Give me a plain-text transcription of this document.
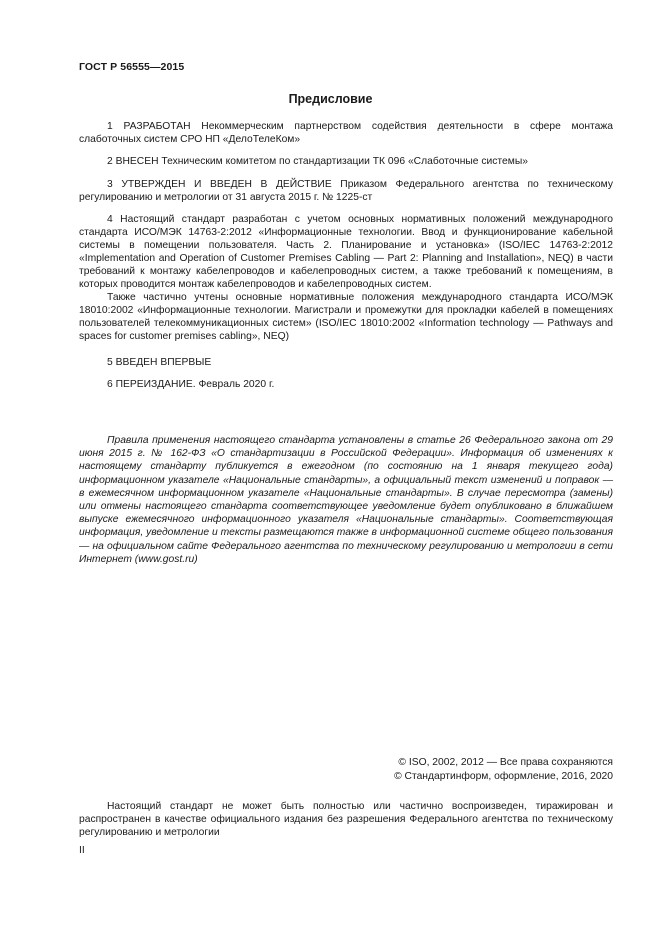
ГОСТ Р 56555—2015
Предисловие

1 РАЗРАБОТАН Некоммерческим партнерством содействия деятельности в сфере монтажа слаботочных систем СРО НП «ДелоТелеКом»

2 ВНЕСЕН Техническим комитетом по стандартизации ТК 096 «Слаботочные системы»

3 УТВЕРЖДЕН И ВВЕДЕН В ДЕЙСТВИЕ Приказом Федерального агентства по техническому регулированию и метрологии от 31 августа 2015 г. № 1225-ст

4 Настоящий стандарт разработан с учетом основных нормативных положений международного стандарта ИСО/МЭК 14763-2:2012 «Информационные технологии. Ввод и функционирование кабельной системы в помещении пользователя. Часть 2. Планирование и установка» (ISO/IEC 14763-2:2012 «Implementation and Operation of Customer Premises Cabling — Part 2: Planning and Installation», NEQ) в части требований к монтажу кабелепроводов и кабелепроводных систем, а также требований к помещениям, в которых проводится монтаж кабелепроводов и кабелепроводных систем.

Также частично учтены основные нормативные положения международного стандарта ИСО/МЭК 18010:2002 «Информационные технологии. Магистрали и промежутки для прокладки кабелей в помещениях пользователей телекоммуникационных систем» (ISO/IEC 18010:2002 «Information technology — Pathways and spaces for customer premises cabling», NEQ)

5 ВВЕДЕН ВПЕРВЫЕ

6 ПЕРЕИЗДАНИЕ. Февраль 2020 г.

Правила применения настоящего стандарта установлены в статье 26 Федерального закона от 29 июня 2015 г. № 162-ФЗ «О стандартизации в Российской Федерации». Информация об изменениях к настоящему стандарту публикуется в ежегодном (по состоянию на 1 января текущего года) информационном указателе «Национальные стандарты», а официальный текст изменений и поправок — в ежемесячном информационном указателе «Национальные стандарты». В случае пересмотра (замены) или отмены настоящего стандарта соответствующее уведомление будет опубликовано в ближайшем выпуске ежемесячного информационного указателя «Национальные стандарты». Соответствующая информация, уведомление и тексты размещаются также в информационной системе общего пользования — на официальном сайте Федерального агентства по техническому регулированию и метрологии в сети Интернет (www.gost.ru)

© ISO, 2002, 2012 — Все права сохраняются
© Стандартинформ, оформление, 2016, 2020

Настоящий стандарт не может быть полностью или частично воспроизведен, тиражирован и распространен в качестве официального издания без разрешения Федерального агентства по техническому регулированию и метрологии

II
